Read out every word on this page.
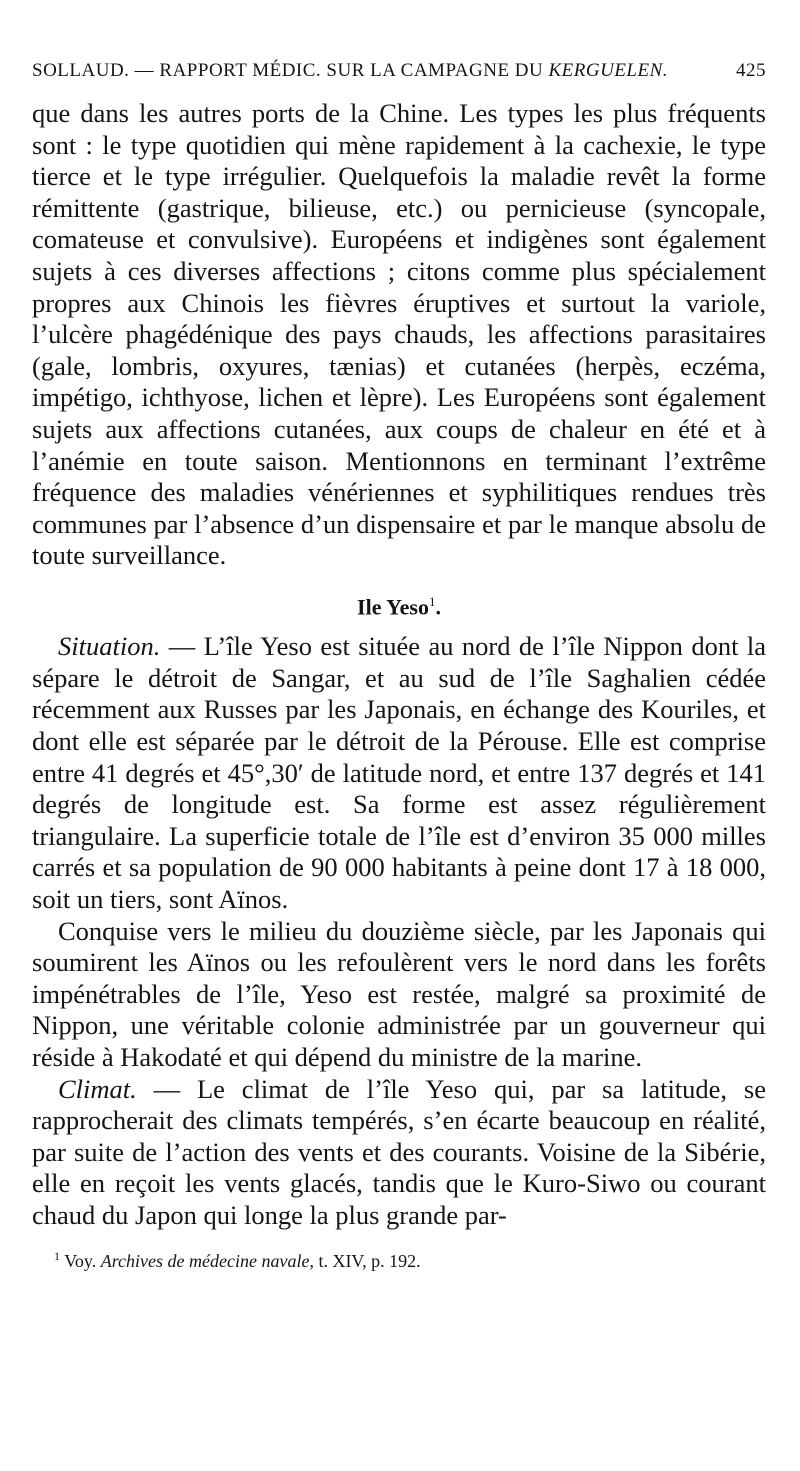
SOLLAUD. — RAPPORT MÉDIC. SUR LA CAMPAGNE DU KERGUELEN.	425

que dans les autres ports de la Chine. Les types les plus fréquents sont : le type quotidien qui mène rapidement à la cachexie, le type tierce et le type irrégulier. Quelquefois la maladie revêt la forme rémittente (gastrique, bilieuse, etc.) ou pernicieuse (syncopale, comateuse et convulsive). Européens et indigènes sont également sujets à ces diverses affections ; citons comme plus spécialement propres aux Chinois les fièvres éruptives et surtout la variole, l’ulcère phagédénique des pays chauds, les affections parasitaires (gale, lombris, oxyures, tænias) et cutanées (herpès, eczéma, impétigo, ichthyose, lichen et lèpre). Les Européens sont également sujets aux affections cutanées, aux coups de chaleur en été et à l’anémie en toute saison. Mentionnons en terminant l’extrême fréquence des maladies vénériennes et syphilitiques rendues très communes par l’absence d’un dispensaire et par le manque absolu de toute surveillance.

Ile Yeso$^1$.

Situation. — L’île Yeso est située au nord de l’île Nippon dont la sépare le détroit de Sangar, et au sud de l’île Saghalien cédée récemment aux Russes par les Japonais, en échange des Kouriles, et dont elle est séparée par le détroit de la Pérouse. Elle est comprise entre 41 degrés et 45°,30′ de latitude nord, et entre 137 degrés et 141 degrés de longitude est. Sa forme est assez régulièrement triangulaire. La superficie totale de l’île est d’environ 35 000 milles carrés et sa population de 90 000 habitants à peine dont 17 à 18 000, soit un tiers, sont Aïnos.

Conquise vers le milieu du douzième siècle, par les Japonais qui soumirent les Aïnos ou les refoulèrent vers le nord dans les forêts impénétrables de l’île, Yeso est restée, malgré sa proximité de Nippon, une véritable colonie administrée par un gouverneur qui réside à Hakodaté et qui dépend du ministre de la marine.

Climat. — Le climat de l’île Yeso qui, par sa latitude, se rapprocherait des climats tempérés, s’en écarte beaucoup en réalité, par suite de l’action des vents et des courants. Voisine de la Sibérie, elle en reçoit les vents glacés, tandis que le Kuro-Siwo ou courant chaud du Japon qui longe la plus grande par-

$^1$ Voy. Archives de médecine navale, t. XIV, p. 192.
